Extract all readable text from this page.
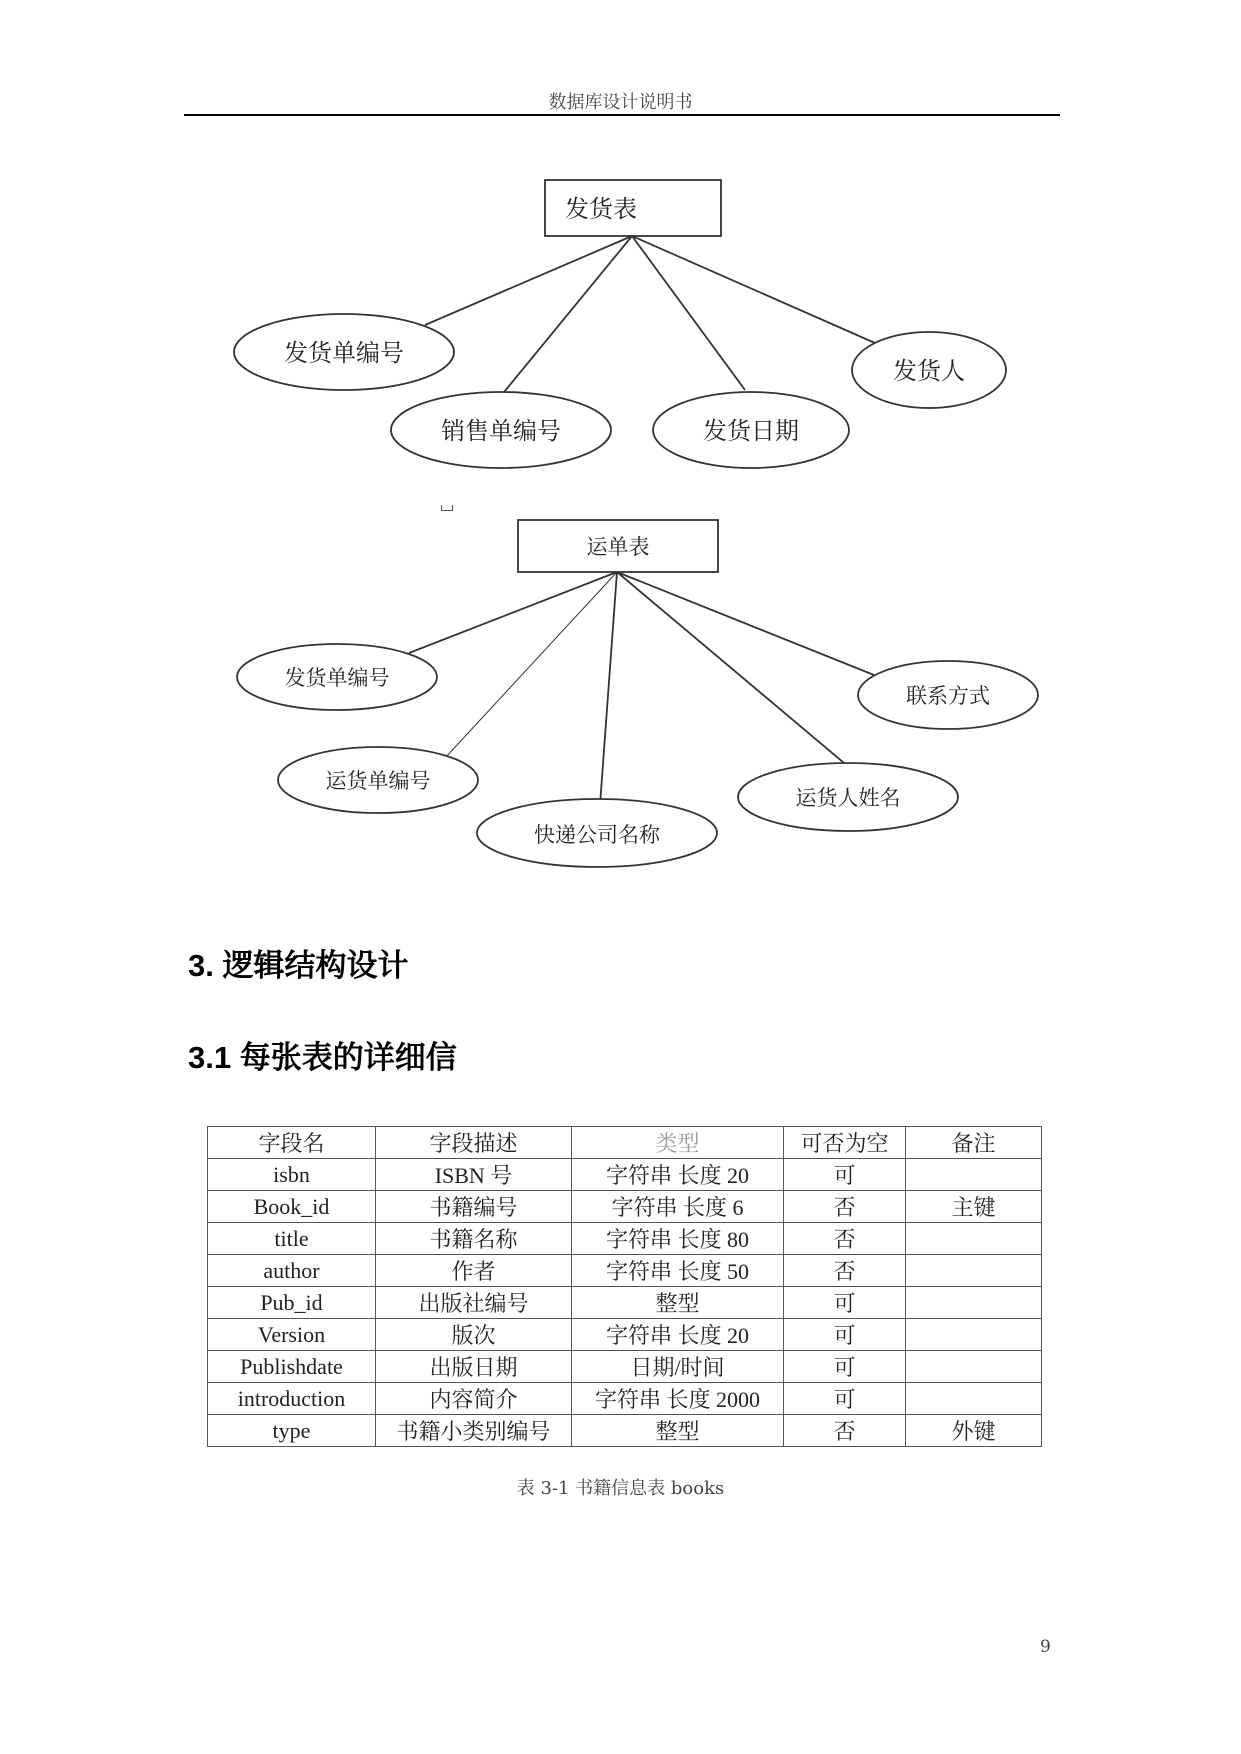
数据库设计说明书
发货表
发货单编号
销售单编号	发货日期
发货人
运单表
发货单编号
运货单编号
快递公司名称
运货人姓名
联系方式
3. 逻辑结构设计
3.1 每张表的详细信
字段名	字段描述	类型	可否为空	备注
isbn	ISBN 号	字符串 长度 20	可	
Book_id	书籍编号	字符串 长度 6	否	主键
title	书籍名称	字符串 长度 80	否	
author	作者	字符串 长度 50	否	
Pub_id	出版社编号	整型	可	
Version	版次	字符串 长度 20	可	
Publishdate	出版日期	日期/时间	可	
introduction	内容简介	字符串 长度 2000	可	
type	书籍小类别编号	整型	否	外键
表 3-1 书籍信息表 books
9
